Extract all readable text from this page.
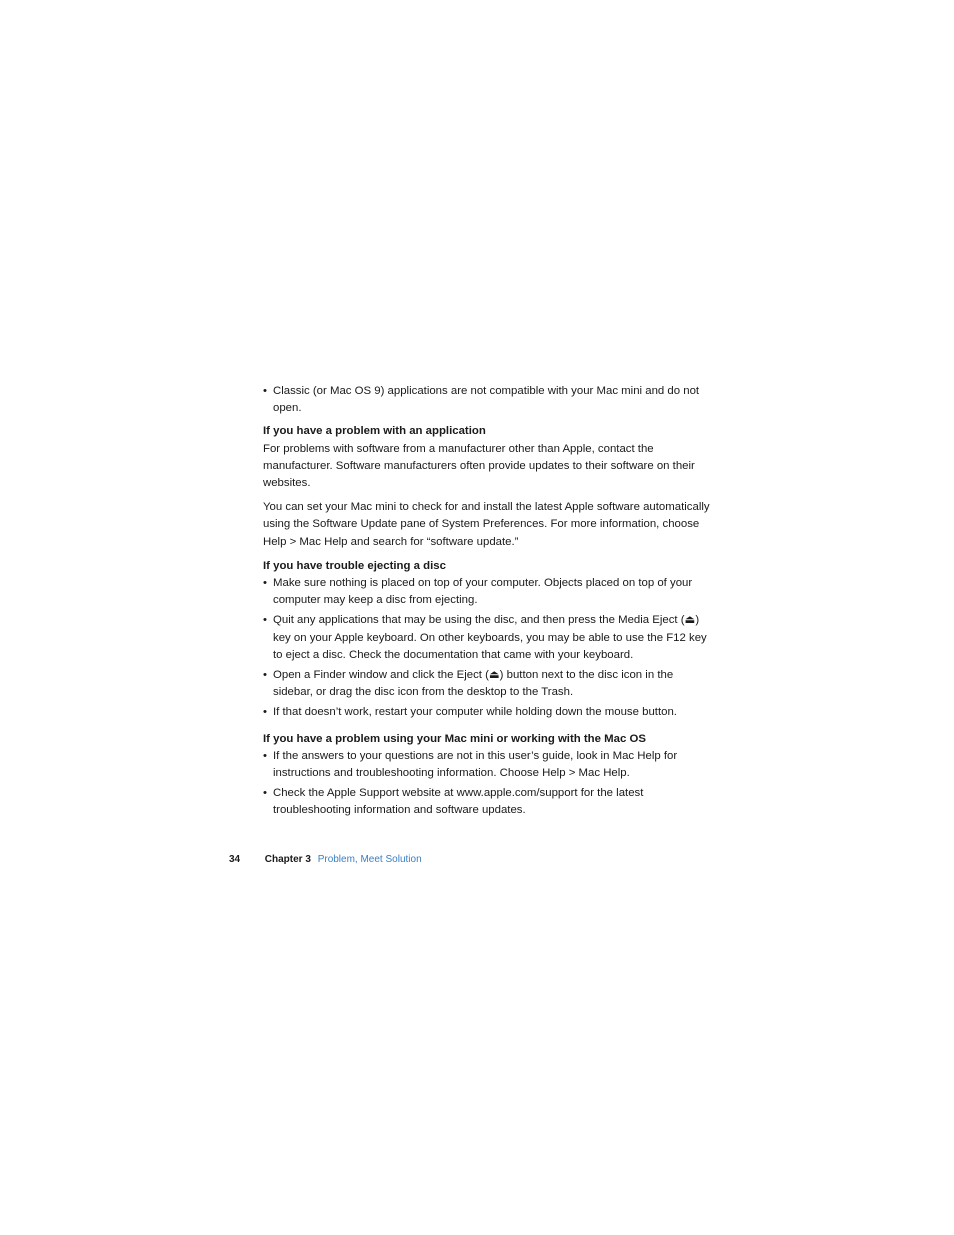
• Classic (or Mac OS 9) applications are not compatible with your Mac mini and do not open.

If you have a problem with an application

For problems with software from a manufacturer other than Apple, contact the manufacturer. Software manufacturers often provide updates to their software on their websites.

You can set your Mac mini to check for and install the latest Apple software automatically using the Software Update pane of System Preferences. For more information, choose Help > Mac Help and search for “software update.”

If you have trouble ejecting a disc

• Make sure nothing is placed on top of your computer. Objects placed on top of your computer may keep a disc from ejecting.
• Quit any applications that may be using the disc, and then press the Media Eject (⏏) key on your Apple keyboard. On other keyboards, you may be able to use the F12 key to eject a disc. Check the documentation that came with your keyboard.
• Open a Finder window and click the Eject (⏏) button next to the disc icon in the sidebar, or drag the disc icon from the desktop to the Trash.
• If that doesn’t work, restart your computer while holding down the mouse button.

If you have a problem using your Mac mini or working with the Mac OS

• If the answers to your questions are not in this user’s guide, look in Mac Help for instructions and troubleshooting information. Choose Help > Mac Help.
• Check the Apple Support website at www.apple.com/support for the latest troubleshooting information and software updates.
34 Chapter 3 Problem, Meet Solution
